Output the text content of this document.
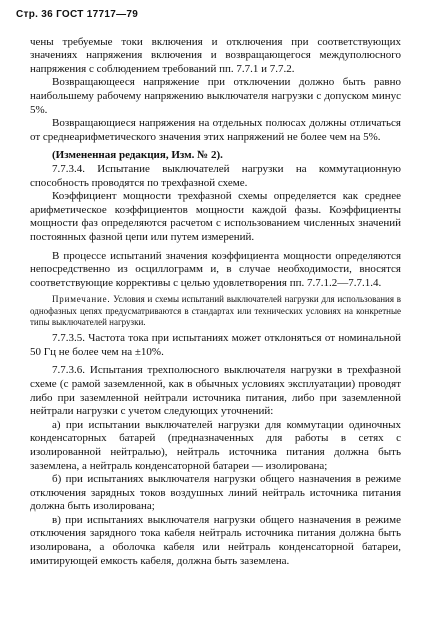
Стр. 36 ГОСТ 17717—79

чены требуемые токи включения и отключения при соответствующих значениях напряжения включения и возвращающегося междуполюсного напряжения с соблюдением требований пп. 7.7.1 и 7.7.2.

Возвращающееся напряжение при отключении должно быть равно наибольшему рабочему напряжению выключателя нагрузки с допуском минус 5%.

Возвращающиеся напряжения на отдельных полюсах должны отличаться от среднеарифметического значения этих напряжений не более чем на 5%.

(Измененная редакция, Изм. № 2).

7.7.3.4. Испытание выключателей нагрузки на коммутационную способность проводятся по трехфазной схеме.

Коэффициент мощности трехфазной схемы определяется как среднее арифметическое коэффициентов мощности каждой фазы. Коэффициенты мощности фаз определяются расчетом с использованием численных значений постоянных фазной цепи или путем измерений.

В процессе испытаний значения коэффициента мощности определяются непосредственно из осциллограмм и, в случае необходимости, вносятся соответствующие коррективы с целью удовлетворения пп. 7.7.1.2—7.7.1.4.

Примечание. Условия и схемы испытаний выключателей нагрузки для использования в однофазных цепях предусматриваются в стандартах или технических условиях на конкретные типы выключателей нагрузки.

7.7.3.5. Частота тока при испытаниях может отклоняться от номинальной 50 Гц не более чем на ±10%.

7.7.3.6. Испытания трехполюсного выключателя нагрузки в трехфазной схеме (с рамой заземленной, как в обычных условиях эксплуатации) проводят либо при заземленной нейтрали источника питания, либо при заземленной нейтрали нагрузки с учетом следующих уточнений:

а) при испытании выключателей нагрузки для коммутации одиночных конденсаторных батарей (предназначенных для работы в сетях с изолированной нейтралью), нейтраль источника питания должна быть заземлена, а нейтраль конденсаторной батареи — изолирована;

б) при испытаниях выключателя нагрузки общего назначения в режиме отключения зарядных токов воздушных линий нейтраль источника питания должна быть изолирована;

в) при испытаниях выключателя нагрузки общего назначения в режиме отключения зарядного тока кабеля нейтраль источника питания должна быть изолирована, а оболочка кабеля или нейтраль конденсаторной батареи, имитирующей емкость кабеля, должна быть заземлена.
